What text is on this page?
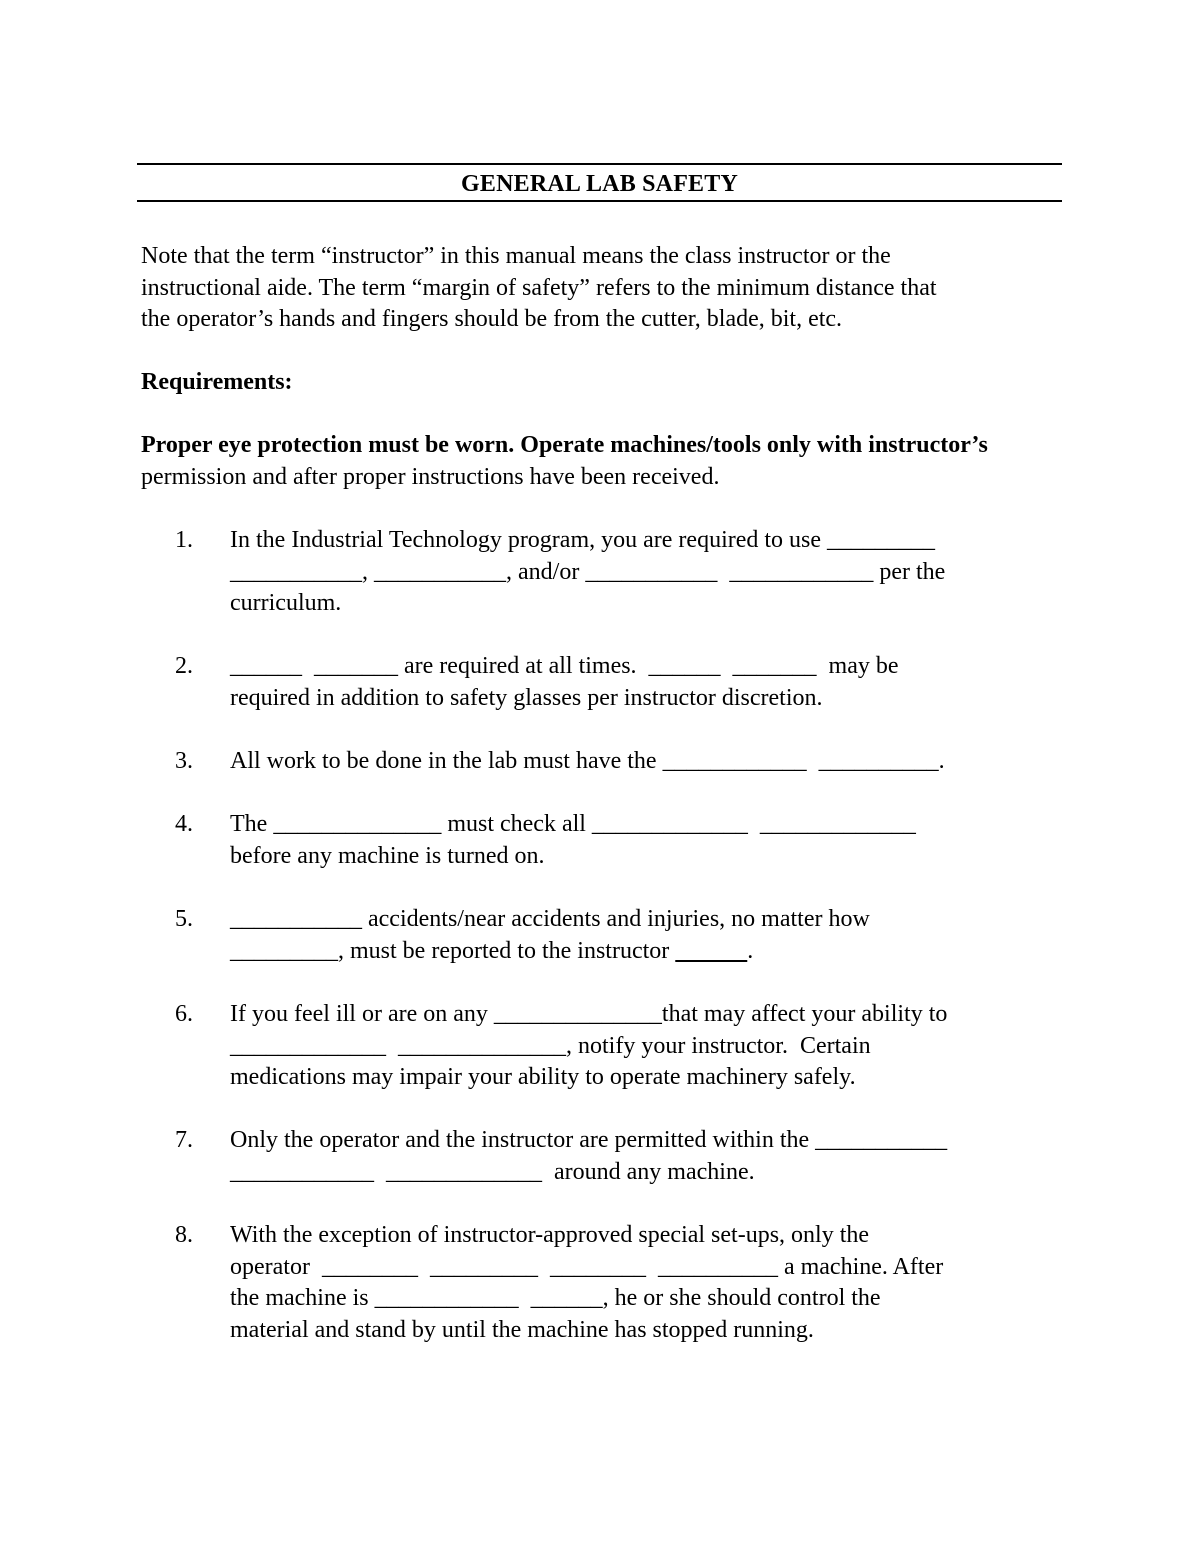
GENERAL LAB SAFETY
Note that the term “instructor” in this manual means the class instructor or the
instructional aide. The term “margin of safety” refers to the minimum distance that
the operator’s hands and fingers should be from the cutter, blade, bit, etc.
Requirements:
Proper eye protection must be worn. Operate machines/tools only with instructor’s
permission and after proper instructions have been received.
1. In the Industrial Technology program, you are required to use _________
___________, ___________, and/or ___________  ____________ per the
curriculum.
2. ______  _______ are required at all times.  ______  _______  may be
required in addition to safety glasses per instructor discretion.
3. All work to be done in the lab must have the ____________  __________.
4. The ______________ must check all _____________  _____________
before any machine is turned on.
5. ___________ accidents/near accidents and injuries, no matter how
_________, must be reported to the instructor	.
6. If you feel ill or are on any ______________that may affect your ability to
_____________  ______________, notify your instructor.  Certain
medications may impair your ability to operate machinery safely.
7. Only the operator and the instructor are permitted within the ___________
____________  _____________  around any machine.
8. With the exception of instructor-approved special set-ups, only the
operator  ________  _________  ________  __________ a machine. After
the machine is ____________  ______, he or she should control the
material and stand by until the machine has stopped running.
